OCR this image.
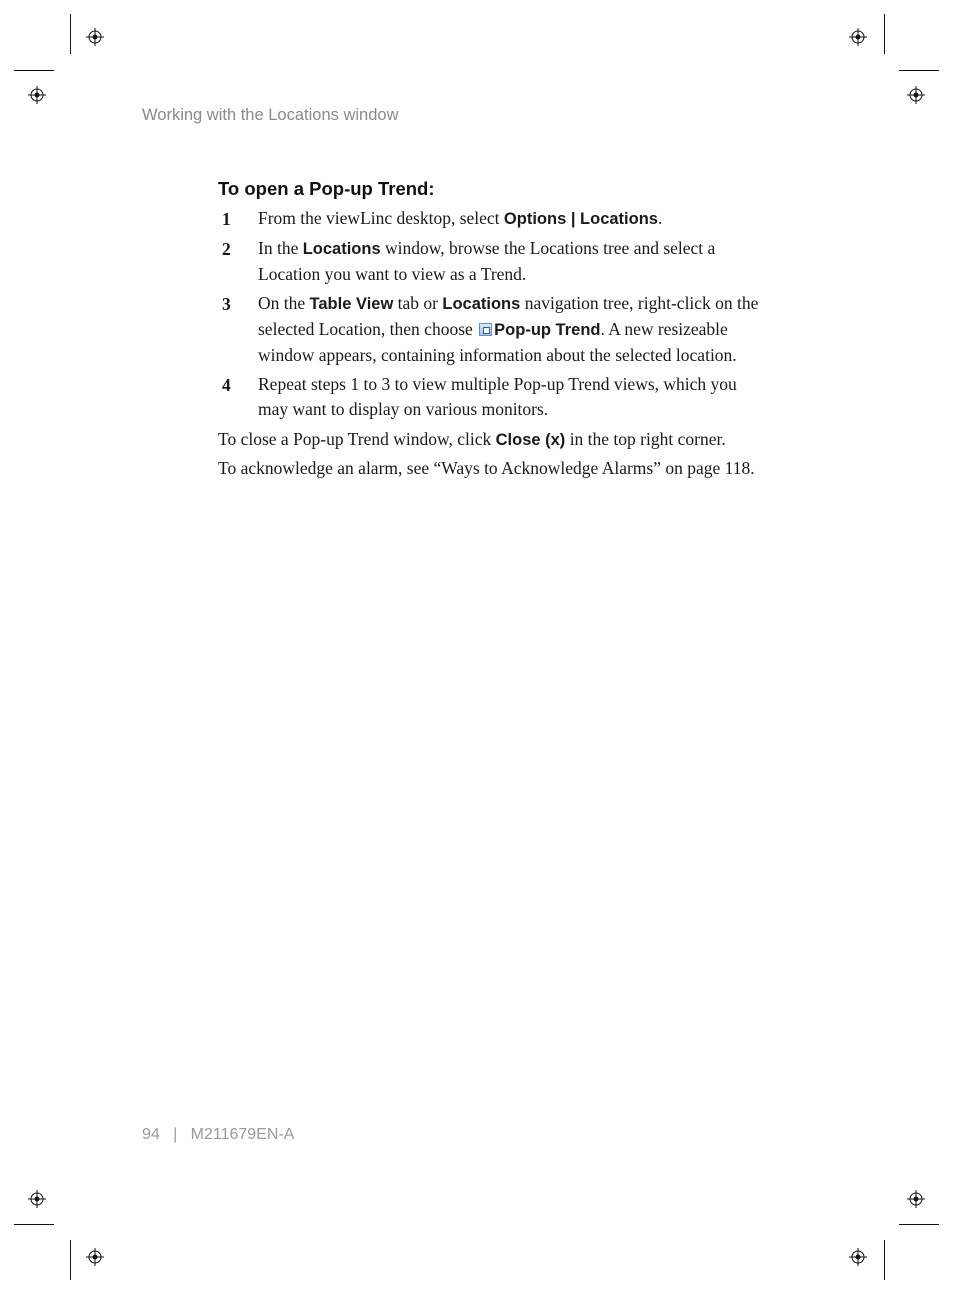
Working with the Locations window
To open a Pop-up Trend:
1 From the viewLinc desktop, select Options | Locations.
2 In the Locations window, browse the Locations tree and select a Location you want to view as a Trend.
3 On the Table View tab or Locations navigation tree, right-click on the selected Location, then choose Pop-up Trend. A new resizeable window appears, containing information about the selected location.
4 Repeat steps 1 to 3 to view multiple Pop-up Trend views, which you may want to display on various monitors.
To close a Pop-up Trend window, click Close (x) in the top right corner.
To acknowledge an alarm, see “Ways to Acknowledge Alarms” on page 118.
94 | M211679EN-A
